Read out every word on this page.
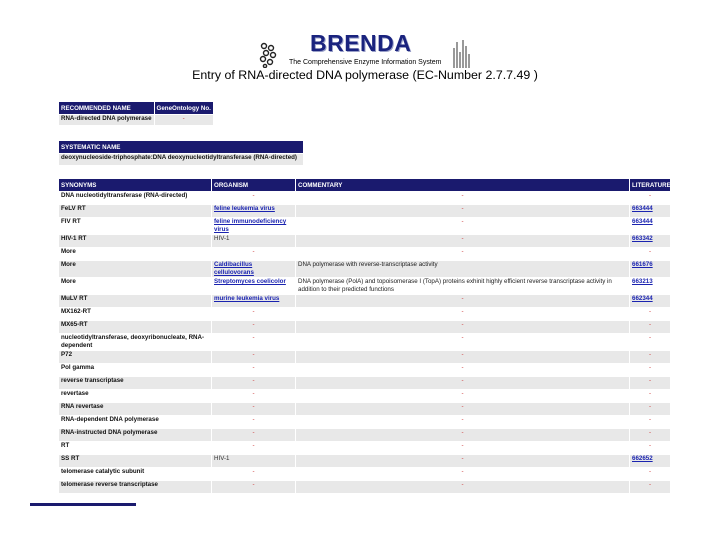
BRENDA
The Comprehensive Enzyme Information System
Entry of RNA-directed DNA polymerase (EC-Number 2.7.7.49 )
RECOMMENDED NAME	GeneOntology No.
RNA-directed DNA polymerase	-
SYSTEMATIC NAME
deoxynucleoside-triphosphate:DNA deoxynucleotidyltransferase (RNA-directed)
SYNONYMS	ORGANISM	COMMENTARY	LITERATURE
DNA nucleotidyltransferase (RNA-directed)	-	-	-
FeLV RT	feline leukemia virus	-	663444
FIV RT	feline immunodeficiency virus	-	663444
HIV-1 RT	HIV-1	-	663342
More	-	-	-
More	Caldibacillus cellulovorans	DNA polymerase with reverse-transcriptase activity	661676
More	Streptomyces coelicolor	DNA polymerase (PolA) and topoisomerase I (TopA) proteins exhinit highly efficient reverse transcriptase activity in addition to their predicted functions	663213
MuLV RT	murine leukemia virus	-	662344
MX162-RT	-	-	-
MX65-RT	-	-	-
nucleotidyltransferase, deoxyribonucleate, RNA-dependent	-	-	-
P72	-	-	-
Pol gamma	-	-	-
reverse transcriptase	-	-	-
revertase	-	-	-
RNA revertase	-	-	-
RNA-dependent DNA polymerase	-	-	-
RNA-instructed DNA polymerase	-	-	-
RT	-	-	-
SS RT	HIV-1	-	662652
telomerase catalytic subunit	-	-	-
telomerase reverse transcriptase	-	-	-
